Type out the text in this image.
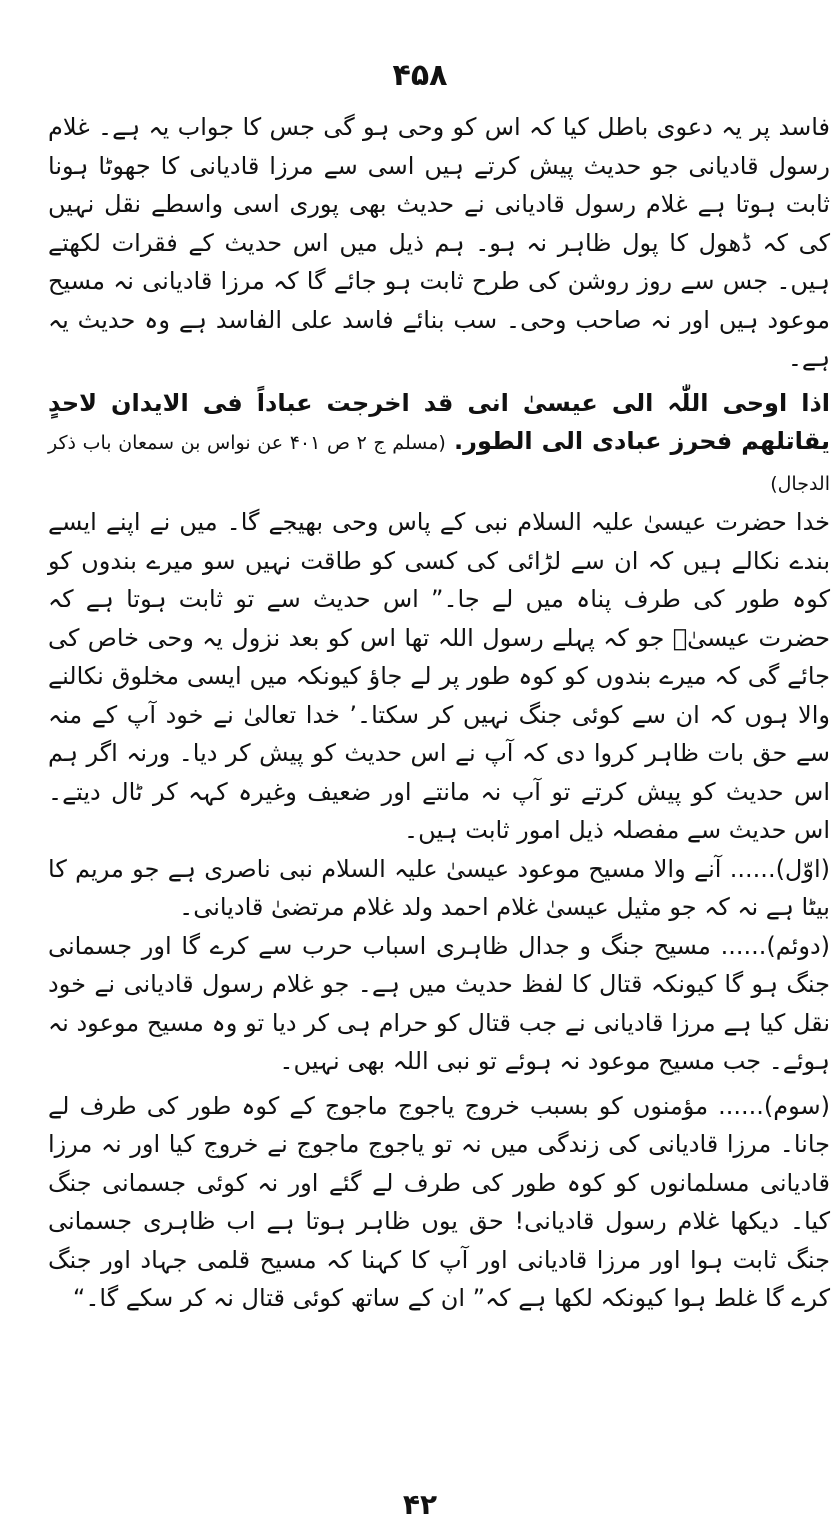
۴۵۸

فاسد پر یہ دعوی باطل کیا کہ اس کو وحی ہو گی جس کا جواب یہ ہے۔ غلام رسول قادیانی جو حدیث پیش کرتے ہیں اسی سے مرزا قادیانی کا جھوٹا ہونا ثابت ہوتا ہے غلام رسول قادیانی نے حدیث بھی پوری اسی واسطے نقل نہیں کی کہ ڈھول کا پول ظاہر نہ ہو۔ ہم ذیل میں اس حدیث کے فقرات لکھتے ہیں۔ جس سے روز روشن کی طرح ثابت ہو جائے گا کہ مرزا قادیانی نہ مسیح موعود ہیں اور نہ صاحب وحی۔ سب بنائے فاسد علی الفاسد ہے وہ حدیث یہ ہے۔

اذا اوحی اللّٰہ الی عیسیٰ انی قد اخرجت عباداً فی الایدان لاحدٍ یقاتلھم فحرز عبادی الی الطور. (مسلم ج ۲ ص ۴۰۱ عن نواس بن سمعان باب ذکر الدجال)

خدا حضرت عیسیٰ علیہ السلام نبی کے پاس وحی بھیجے گا۔ میں نے اپنے ایسے بندے نکالے ہیں کہ ان سے لڑائی کی کسی کو طاقت نہیں سو میرے بندوں کو کوہ طور کی طرف پناہ میں لے جا۔” اس حدیث سے تو ثابت ہوتا ہے کہ حضرت عیسیٰؑ جو کہ پہلے رسول اللہ تھا اس کو بعد نزول یہ وحی خاص کی جائے گی کہ میرے بندوں کو کوہ طور پر لے جاؤ کیونکہ میں ایسی مخلوق نکالنے والا ہوں کہ ان سے کوئی جنگ نہیں کر سکتا۔’ خدا تعالیٰ نے خود آپ کے منہ سے حق بات ظاہر کروا دی کہ آپ نے اس حدیث کو پیش کر دیا۔ ورنہ اگر ہم اس حدیث کو پیش کرتے تو آپ نہ مانتے اور ضعیف وغیرہ کہہ کر ٹال دیتے۔ اس حدیث سے مفصلہ ذیل امور ثابت ہیں۔

(اوّل)...... آنے والا مسیح موعود عیسیٰ علیہ السلام نبی ناصری ہے جو مریم کا بیٹا ہے نہ کہ جو مثیل عیسیٰ غلام احمد ولد غلام مرتضیٰ قادیانی۔

(دوئم)...... مسیح جنگ و جدال ظاہری اسباب حرب سے کرے گا اور جسمانی جنگ ہو گا کیونکہ قتال کا لفظ حدیث میں ہے۔ جو غلام رسول قادیانی نے خود نقل کیا ہے مرزا قادیانی نے جب قتال کو حرام ہی کر دیا تو وہ مسیح موعود نہ ہوئے۔ جب مسیح موعود نہ ہوئے تو نبی اللہ بھی نہیں۔

(سوم)...... مؤمنوں کو بسبب خروج یاجوج ماجوج کے کوہ طور کی طرف لے جانا۔ مرزا قادیانی کی زندگی میں نہ تو یاجوج ماجوج نے خروج کیا اور نہ مرزا قادیانی مسلمانوں کو کوہ طور کی طرف لے گئے اور نہ کوئی جسمانی جنگ کیا۔ دیکھا غلام رسول قادیانی! حق یوں ظاہر ہوتا ہے اب ظاہری جسمانی جنگ ثابت ہوا اور مرزا قادیانی اور آپ کا کہنا کہ مسیح قلمی جہاد اور جنگ کرے گا غلط ہوا کیونکہ لکھا ہے کہ” ان کے ساتھ کوئی قتال نہ کر سکے گا۔“

۴۲
